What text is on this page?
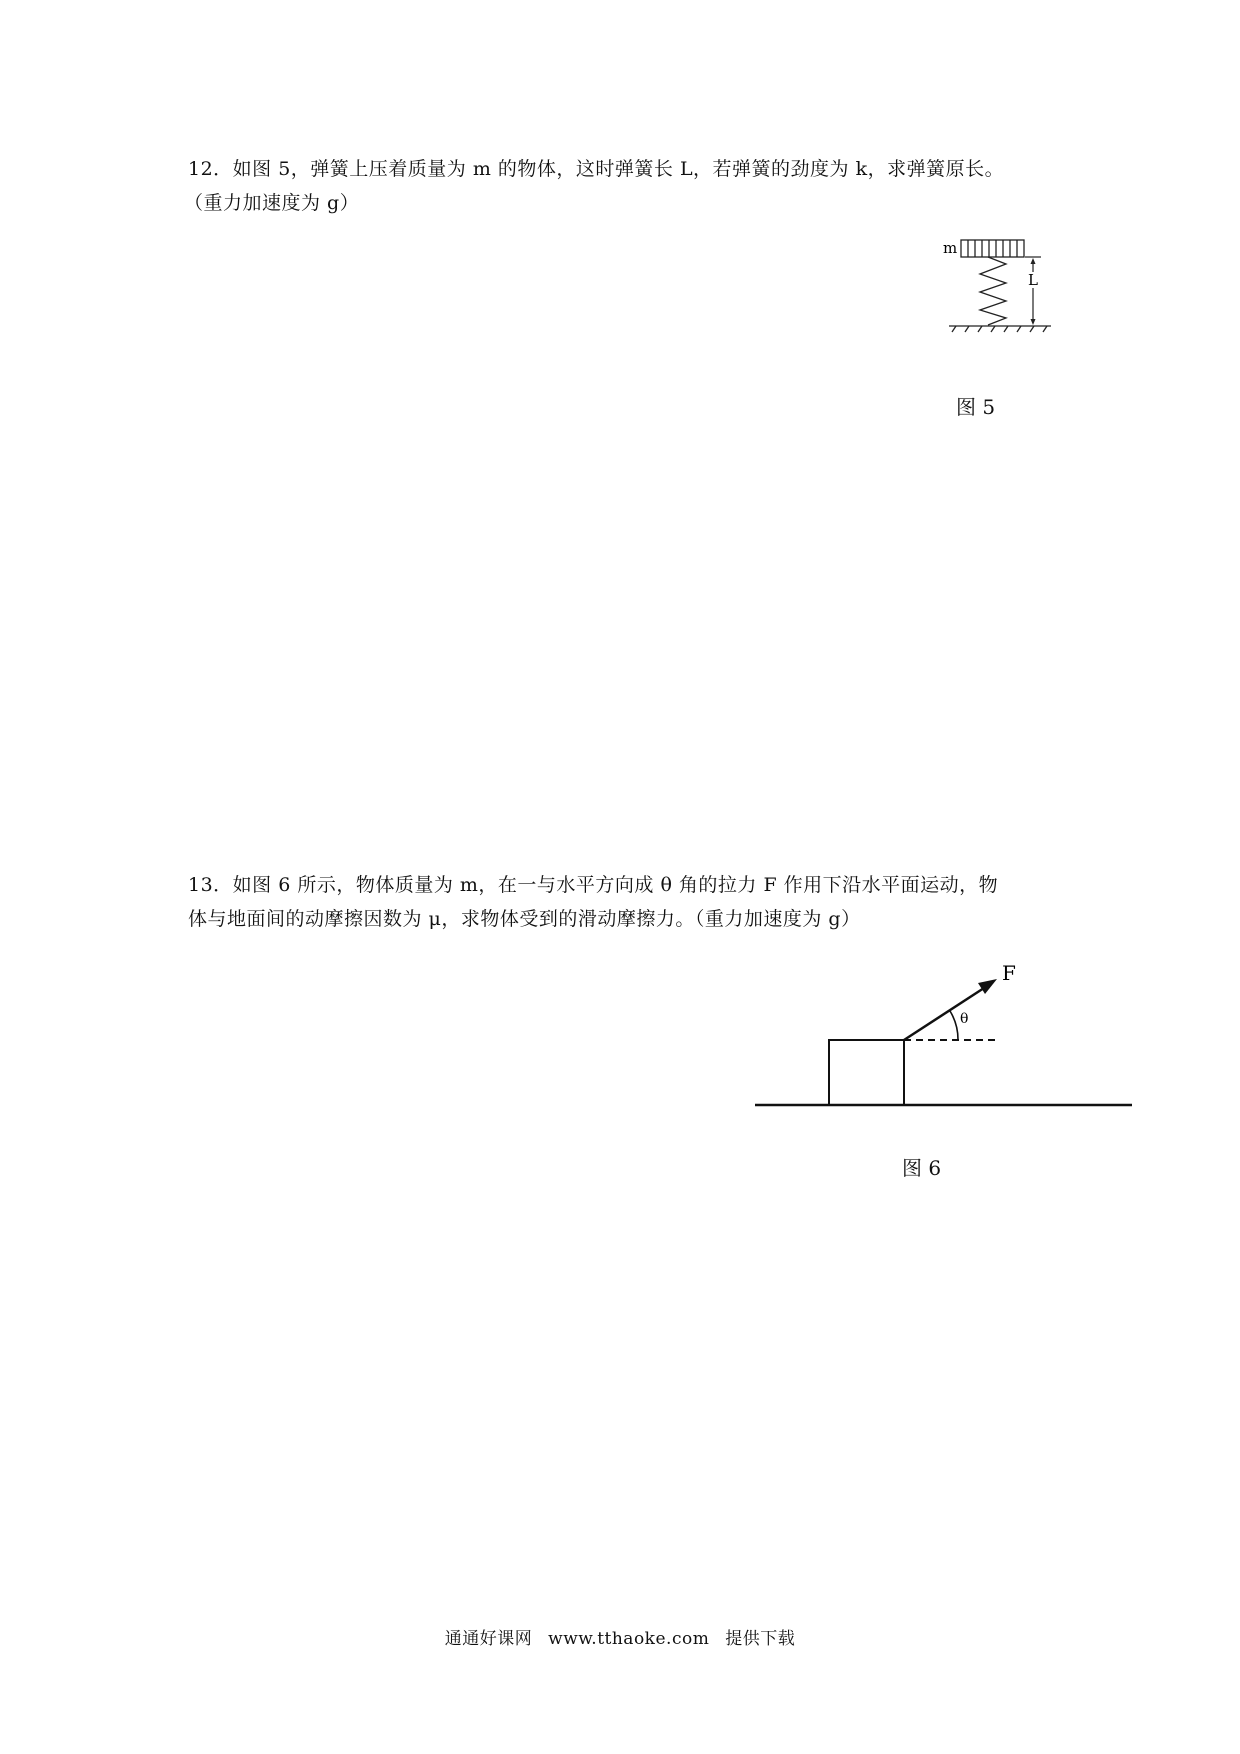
12．如图 5，弹簧上压着质量为 m 的物体，这时弹簧长 L，若弹簧的劲度为 k，求弹簧原长。
（重力加速度为 g）
m
L
图 5
13．如图 6 所示，物体质量为 m，在一与水平方向成 θ 角的拉力 F 作用下沿水平面运动，物
体与地面间的动摩擦因数为 μ，求物体受到的滑动摩擦力。（重力加速度为 g）
F
θ
图 6
通通好课网 www.tthaoke.com 提供下载
